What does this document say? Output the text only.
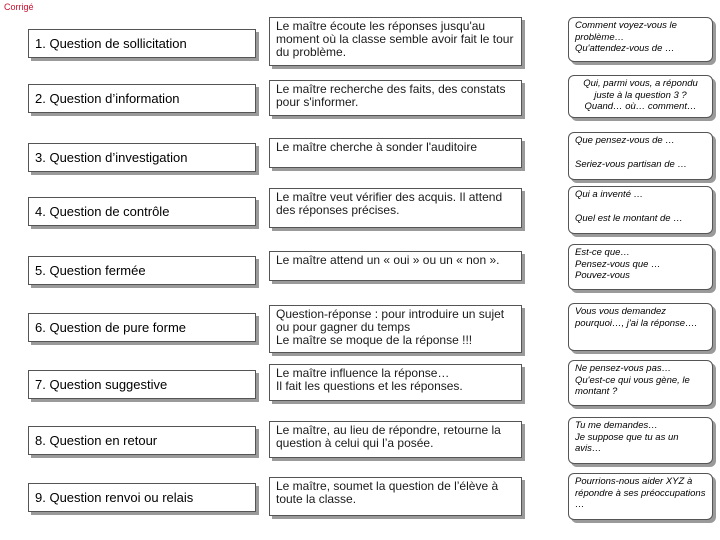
Corrigé
1. Question de sollicitation
2. Question d’information
3. Question d’investigation
4. Question de contrôle
5. Question fermée
6. Question de pure forme
7. Question suggestive
8. Question en retour
9. Question renvoi ou relais
Le maître écoute les réponses jusqu'au moment où la classe semble avoir fait le tour du problème.
Le maître recherche des faits, des constats pour s'informer.
Le maître cherche à sonder l'auditoire
Le maître veut vérifier des acquis. Il attend des réponses précises.
Le maître attend un « oui » ou un « non ».
Question-réponse : pour introduire un sujet
ou pour gagner du temps
Le maître se moque de la réponse !!!
Le maître influence la réponse…
Il fait les questions et les réponses.
Le maître, au lieu de répondre, retourne la question à celui qui l’a posée.
Le maître, soumet la question de l’élève à toute la classe.
Comment voyez-vous le problème…
Qu'attendez-vous de …
Qui, parmi vous, a répondu juste à la question 3 ?
Quand… où… comment…
Que pensez-vous de …
Seriez-vous partisan de …
Qui a inventé …
Quel est le montant de …
Est-ce que…
Pensez-vous que …
Pouvez-vous
Vous vous demandez pourquoi…, j'ai la réponse….
Ne pensez-vous pas…
Qu'est-ce qui vous gène, le montant ?
Tu me demandes…
Je suppose que tu as un avis…
Pourrions-nous aider XYZ à répondre à ses préoccupations …
